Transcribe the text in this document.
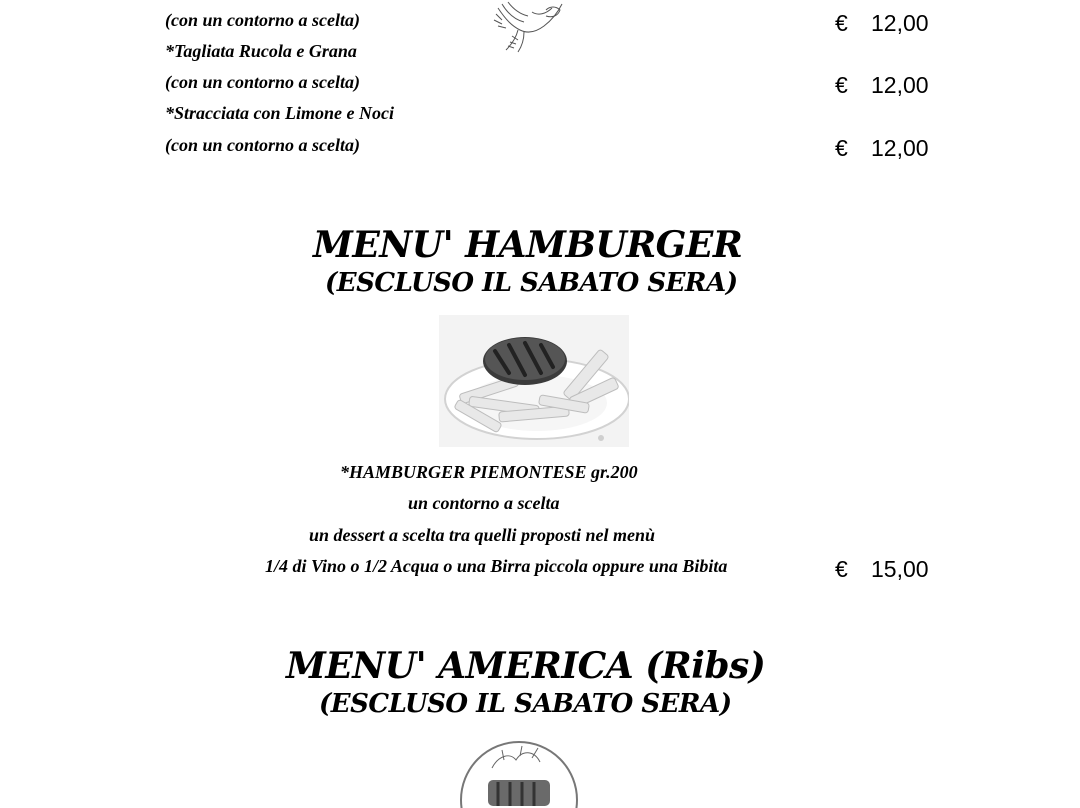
(con un contorno a scelta)	€ 12,00
*Tagliata Rucola e Grana
(con un contorno a scelta)	€ 12,00
*Stracciata con Limone e Noci
(con un contorno a scelta)	€ 12,00
MENU' HAMBURGER
(ESCLUSO IL SABATO SERA)
*HAMBURGER PIEMONTESE gr.200
un contorno a scelta
un dessert a scelta tra quelli proposti nel menù
1/4 di Vino o 1/2 Acqua o una Birra piccola oppure una Bibita	€ 15,00
MENU' AMERICA (Ribs)
(ESCLUSO IL SABATO SERA)
